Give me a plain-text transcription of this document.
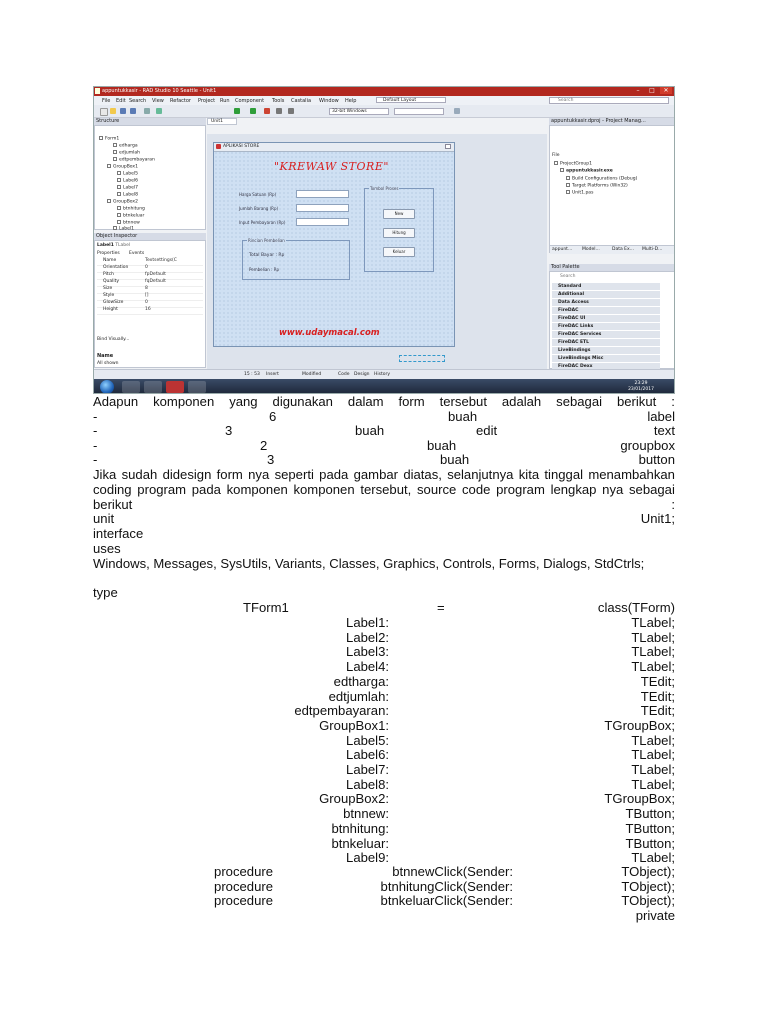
appuntukkasir - RAD Studio 10 Seattle - Unit1	–	□	✕
File Edit Search View Refactor Project Run Component Tools Castalia Window Help	Default Layout	Search
32-bit Windows
Structure
Form1
edharga
edjumlah
edtpembayaran
GroupBox1
Label5
Label6
Label7
Label8
GroupBox2
btnhitung
btnkeluar
btnnew
Label1
Object Inspector
Label1 TLabel
Properties Events
Name	Textsettings(C
Orientation	0
Pitch	fpDefault
Quality	fqDefault
Size	8
Style	[]
GlowSize	0
Height	16
Bind Visually...
Name
All shown
Unit1
APLIKASI STORE
"KREWAW STORE"
Harga Satuan (Rp)
Jumlah Barang (Rp)
Input Pembayaran (Rp)
Rincian Pembelian
Total Bayar : Rp
Pembelian : Rp
Tombol Proses
New
Hitung
Keluar
www.udaymacal.com
appuntukkasir.dproj - Project Manag...
File
ProjectGroup1
appuntukkasir.exe
Build Configurations (Debug)
Target Platforms (Win32)
Unit1.pas
appunt... Model...	Data Ex... Multi-D...
Tool Palette
Search
Standard
Additional
Data Access
FireDAC
FireDAC UI
FireDAC Links
FireDAC Services
FireDAC ETL
LiveBindings
LiveBindings Misc
FireDAC Dexx
15 : 53 Insert	Modified	Code Design History
23:29
23/01/2017
Adapun komponen yang digunakan dalam form tersebut adalah sebagai berikut :
-	6	buah	label
-	3	buah	edit	text
-	2	buah	groupbox
-	3	buah	button
Jika sudah didesign form nya seperti pada gambar diatas, selanjutnya kita tinggal menambahkan
coding program pada komponen komponen tersebut, source code program lengkap nya sebagai
berikut	:
unit	Unit1;
interface
uses
Windows, Messages, SysUtils, Variants, Classes, Graphics, Controls, Forms, Dialogs, StdCtrls;
type
TForm1	=	class(TForm)
Label1:	TLabel;
Label2:	TLabel;
Label3:	TLabel;
Label4:	TLabel;
edtharga:	TEdit;
edtjumlah:	TEdit;
edtpembayaran:	TEdit;
GroupBox1:	TGroupBox;
Label5:	TLabel;
Label6:	TLabel;
Label7:	TLabel;
Label8:	TLabel;
GroupBox2:	TGroupBox;
btnnew:	TButton;
btnhitung:	TButton;
btnkeluar:	TButton;
Label9:	TLabel;
procedure	btnnewClick(Sender:	TObject);
procedure	btnhitungClick(Sender:	TObject);
procedure	btnkeluarClick(Sender:	TObject);
private
